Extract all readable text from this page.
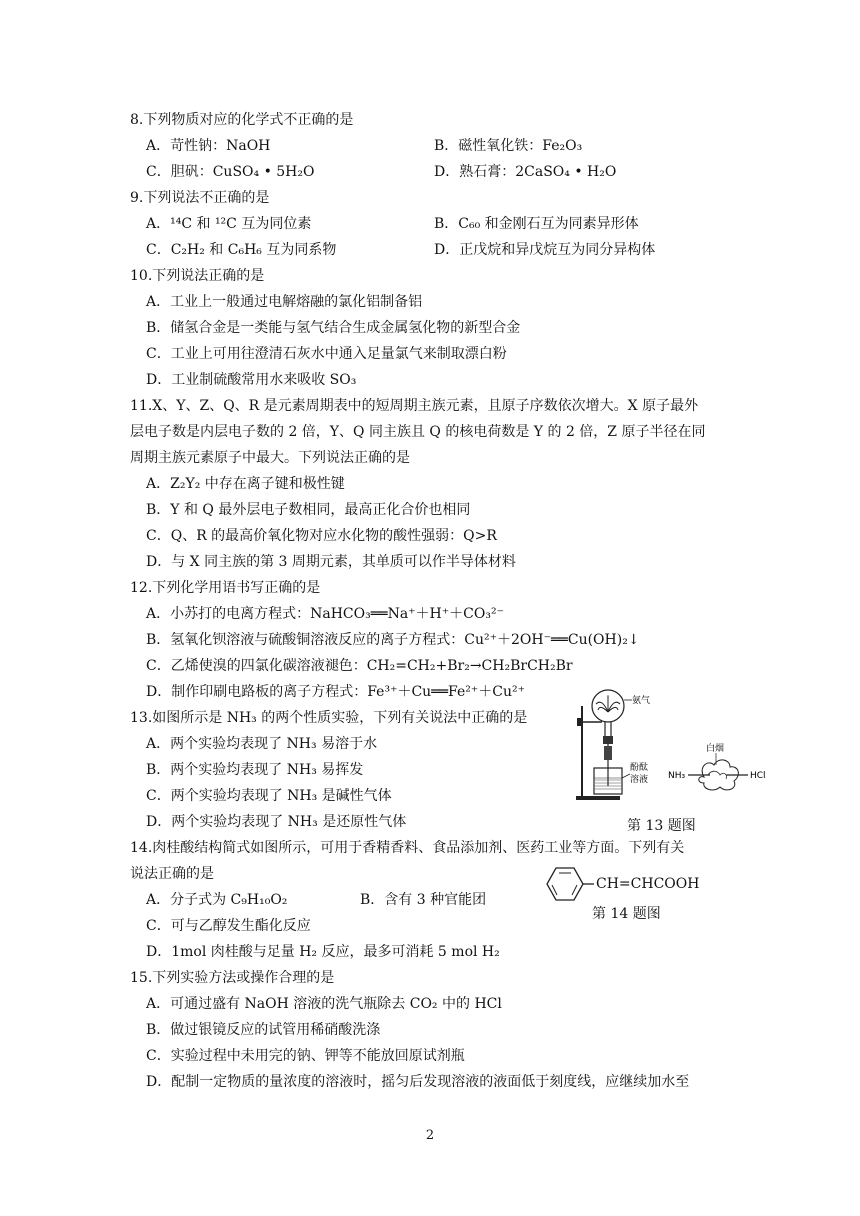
8.下列物质对应的化学式不正确的是
A．苛性钠：NaOH	B．磁性氧化铁：Fe₂O₃
C．胆矾：CuSO₄ • 5H₂O	D．熟石膏：2CaSO₄ • H₂O
9.下列说法不正确的是
A．¹⁴C 和 ¹²C 互为同位素	B．C₆₀ 和金刚石互为同素异形体
C．C₂H₂ 和 C₆H₆ 互为同系物	D．正戊烷和异戊烷互为同分异构体
10.下列说法正确的是
A．工业上一般通过电解熔融的氯化铝制备铝
B．储氢合金是一类能与氢气结合生成金属氢化物的新型合金
C．工业上可用往澄清石灰水中通入足量氯气来制取漂白粉
D．工业制硫酸常用水来吸收 SO₃
11.X、Y、Z、Q、R 是元素周期表中的短周期主族元素，且原子序数依次增大。X 原子最外
层电子数是内层电子数的 2 倍，Y、Q 同主族且 Q 的核电荷数是 Y 的 2 倍，Z 原子半径在同
周期主族元素原子中最大。下列说法正确的是
A．Z₂Y₂ 中存在离子键和极性键
B．Y 和 Q 最外层电子数相同，最高正化合价也相同
C．Q、R 的最高价氧化物对应水化物的酸性强弱：Q>R
D．与 X 同主族的第 3 周期元素，其单质可以作半导体材料
12.下列化学用语书写正确的是
A．小苏打的电离方程式：NaHCO₃══Na⁺＋H⁺＋CO₃²⁻
B．氢氧化钡溶液与硫酸铜溶液反应的离子方程式：Cu²⁺＋2OH⁻══Cu(OH)₂↓
C．乙烯使溴的四氯化碳溶液褪色：CH₂=CH₂+Br₂→CH₂BrCH₂Br
D．制作印刷电路板的离子方程式：Fe³⁺＋Cu══Fe²⁺＋Cu²⁺
13.如图所示是 NH₃ 的两个性质实验，下列有关说法中正确的是
A．两个实验均表现了 NH₃ 易溶于水
B．两个实验均表现了 NH₃ 易挥发
C．两个实验均表现了 NH₃ 是碱性气体
D．两个实验均表现了 NH₃ 是还原性气体
氨气
酚酞
溶液
白烟
NH₃	HCl
第 13 题图
14.肉桂酸结构简式如图所示，可用于香精香料、食品添加剂、医药工业等方面。下列有关
说法正确的是
A．分子式为 C₉H₁₀O₂	B．含有 3 种官能团
C．可与乙醇发生酯化反应
D．1mol 肉桂酸与足量 H₂ 反应，最多可消耗 5 mol H₂
CH=CHCOOH
第 14 题图
15.下列实验方法或操作合理的是
A．可通过盛有 NaOH 溶液的洗气瓶除去 CO₂ 中的 HCl
B．做过银镜反应的试管用稀硝酸洗涤
C．实验过程中未用完的钠、钾等不能放回原试剂瓶
D．配制一定物质的量浓度的溶液时，摇匀后发现溶液的液面低于刻度线，应继续加水至
2
